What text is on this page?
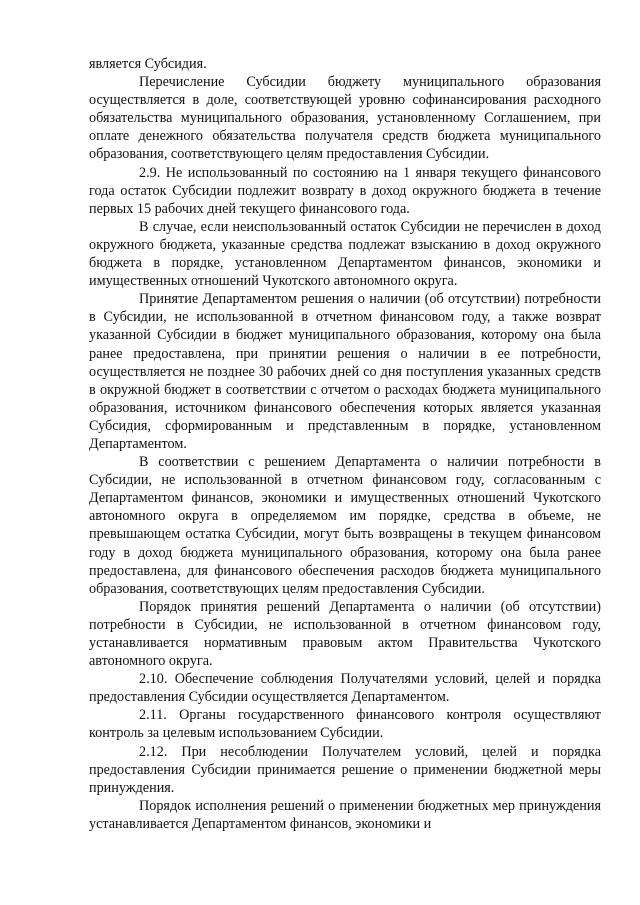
является Субсидия.

Перечисление Субсидии бюджету муниципального образования осуществляется в доле, соответствующей уровню софинансирования расходного обязательства муниципального образования, установленному Соглашением, при оплате денежного обязательства получателя средств бюджета муниципального образования, соответствующего целям предоставления Субсидии.

2.9. Не использованный по состоянию на 1 января текущего финансового года остаток Субсидии подлежит возврату в доход окружного бюджета в течение первых 15 рабочих дней текущего финансового года.

В случае, если неиспользованный остаток Субсидии не перечислен в доход окружного бюджета, указанные средства подлежат взысканию в доход окружного бюджета в порядке, установленном Департаментом финансов, экономики и имущественных отношений Чукотского автономного округа.

Принятие Департаментом решения о наличии (об отсутствии) потребности в Субсидии, не использованной в отчетном финансовом году, а также возврат указанной Субсидии в бюджет муниципального образования, которому она была ранее предоставлена, при принятии решения о наличии в ее потребности, осуществляется не позднее 30 рабочих дней со дня поступления указанных средств в окружной бюджет в соответствии с отчетом о расходах бюджета муниципального образования, источником финансового обеспечения которых является указанная Субсидия, сформированным и представленным в порядке, установленном Департаментом.

В соответствии с решением Департамента о наличии потребности в Субсидии, не использованной в отчетном финансовом году, согласованным с Департаментом финансов, экономики и имущественных отношений Чукотского автономного округа в определяемом им порядке, средства в объеме, не превышающем остатка Субсидии, могут быть возвращены в текущем финансовом году в доход бюджета муниципального образования, которому она была ранее предоставлена, для финансового обеспечения расходов бюджета муниципального образования, соответствующих целям предоставления Субсидии.

Порядок принятия решений Департамента о наличии (об отсутствии) потребности в Субсидии, не использованной в отчетном финансовом году, устанавливается нормативным правовым актом Правительства Чукотского автономного округа.

2.10. Обеспечение соблюдения Получателями условий, целей и порядка предоставления Субсидии осуществляется Департаментом.

2.11. Органы государственного финансового контроля осуществляют контроль за целевым использованием Субсидии.

2.12. При несоблюдении Получателем условий, целей и порядка предоставления Субсидии принимается решение о применении бюджетной меры принуждения.

Порядок исполнения решений о применении бюджетных мер принуждения устанавливается Департаментом финансов, экономики и
